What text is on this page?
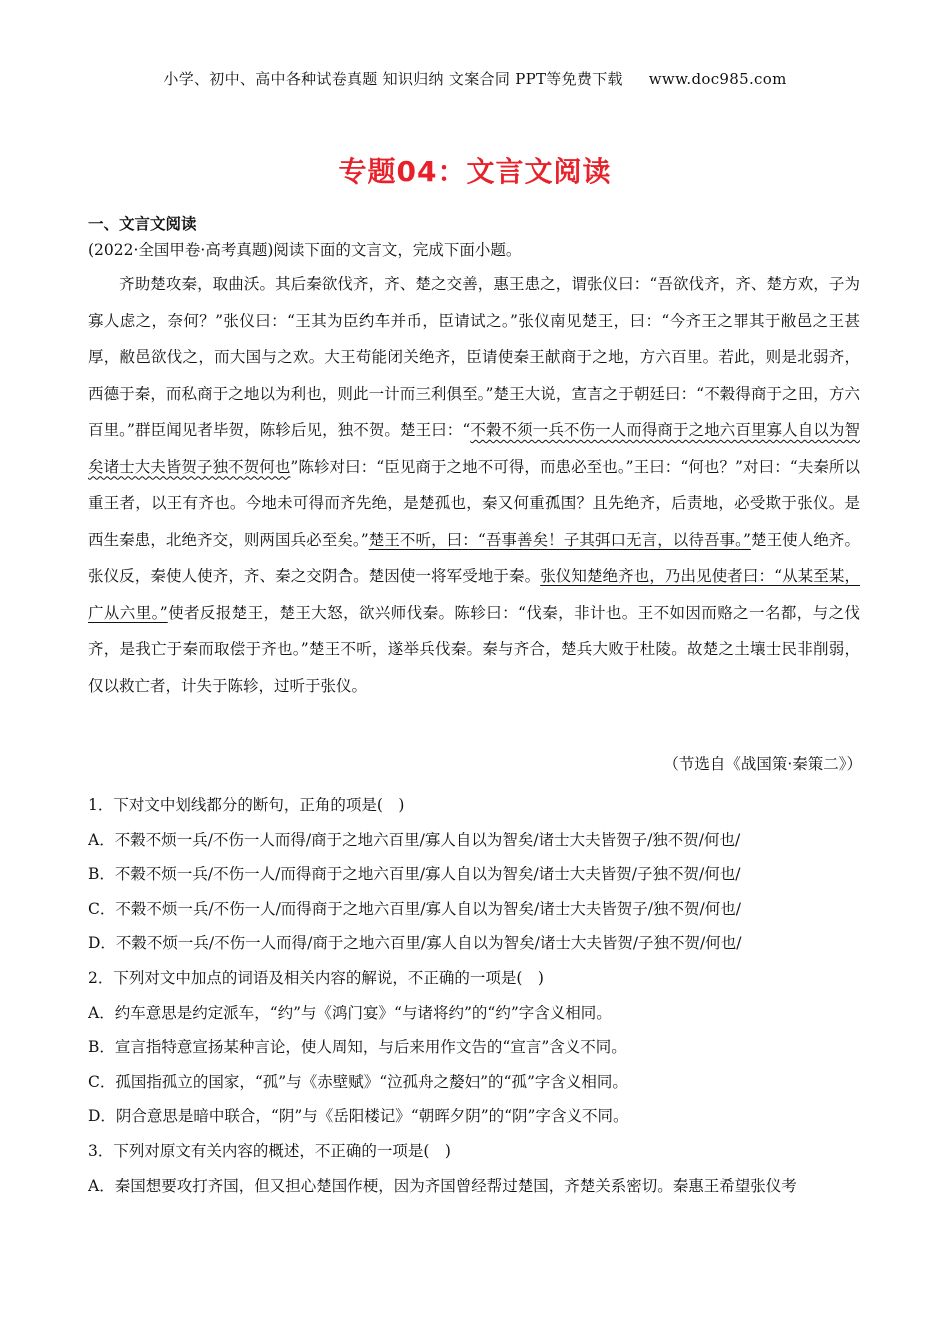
小学、初中、高中各种试卷真题 知识归纳 文案合同 PPT等免费下载 www.doc985.com
专题04：文言文阅读
一、文言文阅读
(2022·全国甲卷·高考真题)阅读下面的文言文，完成下面小题。

齐助楚攻秦，取曲沃。其后秦欲伐齐，齐、楚之交善，惠王患之，谓张仪曰：“吾欲伐齐，齐、楚方欢，子为寡人虑之，奈何？”张仪曰：“王其为臣· 约· 车并币，臣请试之。”张仪南见楚王，曰：“今齐王之罪其于敝邑之王甚厚，敝邑欲伐之，而大国与之欢。大王苟能闭关绝齐，臣请使秦王献商于之地，方六百里。若此，则是北弱齐，西德于秦，而私商于之地以为利也，则此一计而三利俱至。”楚王大说，· 宣· 言之于朝廷曰：“不穀得商于之田，方六百里。”群臣闻见者毕贺，陈轸后见，独不贺。楚王曰：“不穀不须一兵不伤一人而得商于之地六百里寡人自以为智矣诸士大夫皆贺子独不贺何也”陈轸对曰：“臣见商于之地不可得，而患必至也。”王曰：“何也？”对曰：“夫秦所以重王者，以王有齐也。今地未可得而齐先绝，是楚孤也，秦又何重· 孤· 国？且先绝齐，后责地，必受欺于张仪。是西生秦患，北绝齐交，则两国兵必至矣。”楚王不听，曰：“吾事善矣！子其弭口无言，以待吾事。”楚王使人绝齐。张仪反，秦使人使齐，齐、秦之交· 阴· 合。楚因使一将军受地于秦。张仪知楚绝齐也，乃出见使者曰：“从某至某，广从六里。”使者反报楚王，楚王大怒，欲兴师伐秦。陈轸曰：“伐秦，非计也。王不如因而赂之一名都，与之伐齐，是我亡于秦而取偿于齐也。”楚王不听，遂举兵伐秦。秦与齐合，楚兵大败于杜陵。故楚之土壤士民非削弱，仅以救亡者，计失于陈轸，过听于张仪。

（节选自《战国策·秦策二》）
1．下对文中划线都分的断句，正角的项是(　)
A．不穀不烦一兵/不伤一人而得/商于之地六百里/寡人自以为智矣/诸士大夫皆贺子/独不贺/何也/
B．不穀不烦一兵/不伤一人/而得商于之地六百里/寡人自以为智矣/诸士大夫皆贺/子独不贺/何也/
C．不穀不烦一兵/不伤一人/而得商于之地六百里/寡人自以为智矣/诸士大夫皆贺子/独不贺/何也/
D．不穀不烦一兵/不伤一人而得/商于之地六百里/寡人自以为智矣/诸士大夫皆贺/子独不贺/何也/
2．下列对文中加点的词语及相关内容的解说，不正确的一项是(　)
A．约车意思是约定派车，“约”与《鸿门宴》“与诸将约”的“约”字含义相同。
B．宣言指特意宣扬某种言论，使人周知，与后来用作文告的“宣言”含义不同。
C．孤国指孤立的国家，“孤”与《赤壁赋》“泣孤舟之嫠妇”的“孤”字含义相同。
D．阴合意思是暗中联合，“阴”与《岳阳楼记》“朝晖夕阴”的“阴”字含义不同。
3．下列对原文有关内容的概述，不正确的一项是(　)
A．秦国想要攻打齐国，但又担心楚国作梗，因为齐国曾经帮过楚国，齐楚关系密切。秦惠王希望张仪考
